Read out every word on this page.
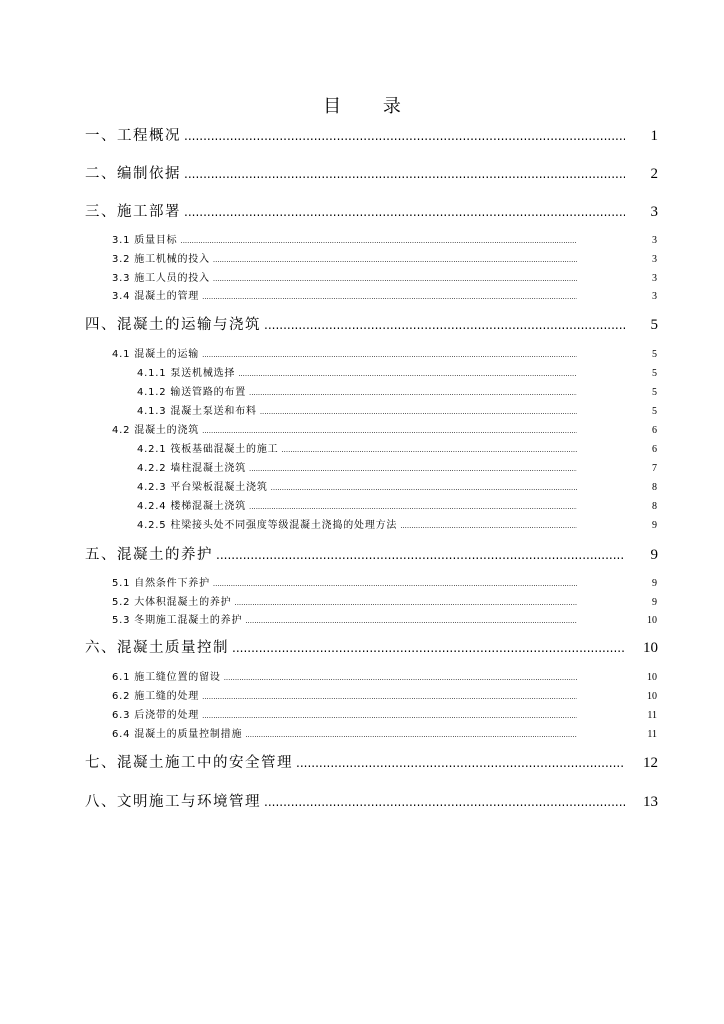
目 录
一、工程概况 .....	1
二、编制依据 .....	2
三、施工部署 .....	3
3.1 质量目标 .....	3
3.2 施工机械的投入 .....	3
3.3 施工人员的投入 .....	3
3.4 混凝土的管理 .....	3
四、混凝土的运输与浇筑 .....	5
4.1 混凝土的运输 .....	5
4.1.1 泵送机械选择 .....	5
4.1.2 输送管路的布置 .....	5
4.1.3 混凝土泵送和布料 .....	5
4.2 混凝土的浇筑 .....	6
4.2.1 筏板基础混凝土的施工 .....	6
4.2.2 墙柱混凝土浇筑 .....	7
4.2.3 平台梁板混凝土浇筑 .....	8
4.2.4 楼梯混凝土浇筑 .....	8
4.2.5 柱梁接头处不同强度等级混凝土浇捣的处理方法 .....	9
五、混凝土的养护 .....	9
5.1 自然条件下养护 .....	9
5.2 大体积混凝土的养护 .....	9
5.3 冬期施工混凝土的养护 .....	10
六、混凝土质量控制 .....	10
6.1 施工缝位置的留设 .....	10
6.2 施工缝的处理 .....	10
6.3 后浇带的处理 .....	11
6.4 混凝土的质量控制措施 .....	11
七、混凝土施工中的安全管理 .....	12
八、文明施工与环境管理 .....	13
